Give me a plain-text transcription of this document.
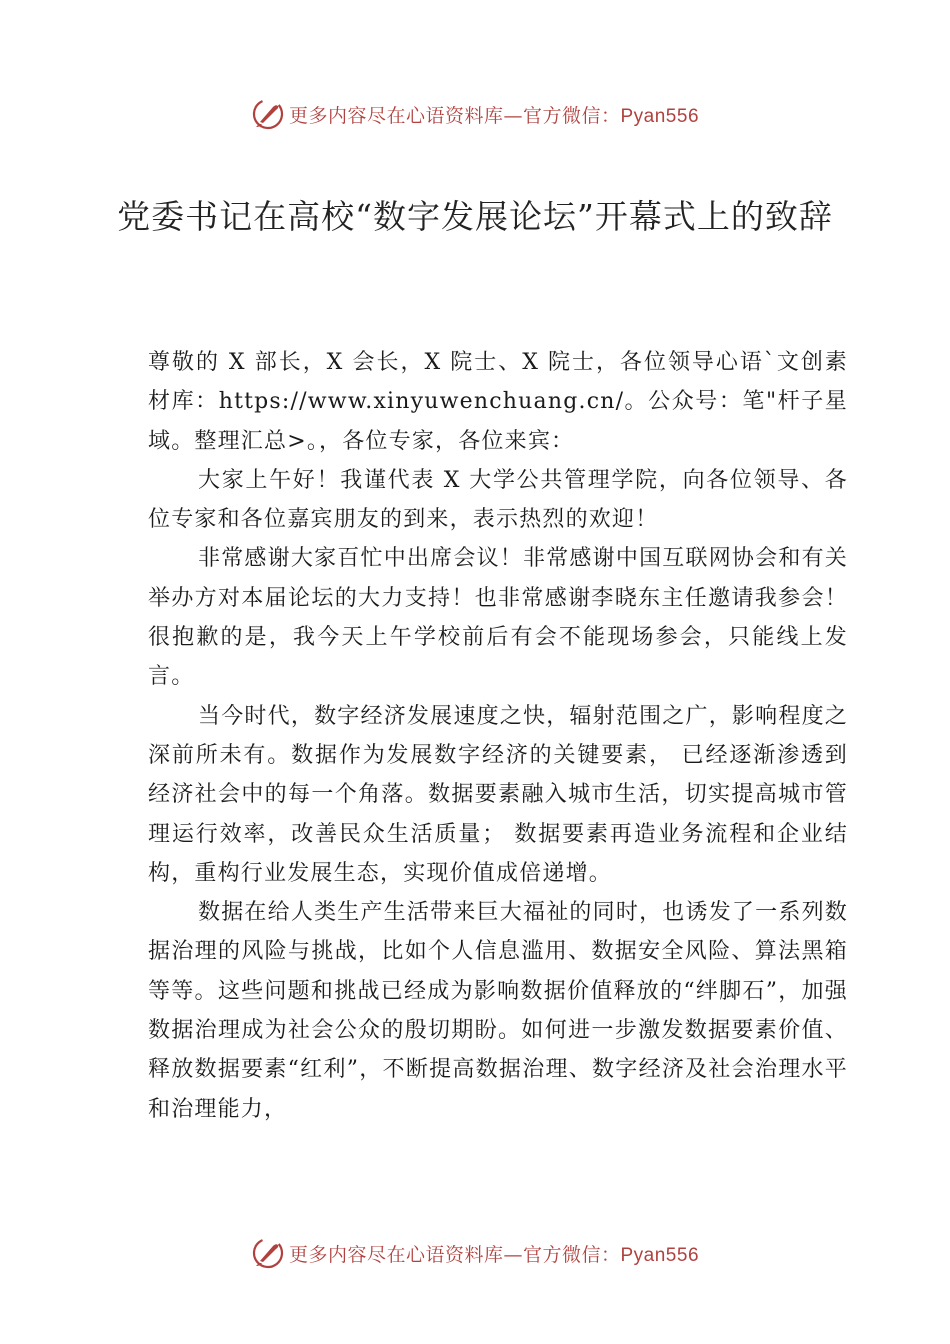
更多内容尽在心语资料库—官方微信：Pyan556
党委书记在高校“数字发展论坛”开幕式上的致辞

尊敬的 X 部长，X 会长，X 院士、X 院士，各位领导心语`文创素材库：https://www.xinyuwenchuang.cn/。公众号：笔"杆子星域。整理汇总>。，各位专家，各位来宾：

大家上午好！我谨代表 X 大学公共管理学院，向各位领导、各位专家和各位嘉宾朋友的到来，表示热烈的欢迎！

非常感谢大家百忙中出席会议！非常感谢中国互联网协会和有关举办方对本届论坛的大力支持！也非常感谢李晓东主任邀请我参会！很抱歉的是，我今天上午学校前后有会不能现场参会，只能线上发言。

当今时代，数字经济发展速度之快，辐射范围之广，影响程度之深前所未有。数据作为发展数字经济的关键要素， 已经逐渐渗透到经济社会中的每一个角落。数据要素融入城市生活，切实提高城市管理运行效率，改善民众生活质量； 数据要素再造业务流程和企业结构，重构行业发展生态，实现价值成倍递增。

数据在给人类生产生活带来巨大福祉的同时，也诱发了一系列数据治理的风险与挑战，比如个人信息滥用、数据安全风险、算法黑箱等等。这些问题和挑战已经成为影响数据价值释放的“绊脚石”，加强数据治理成为社会公众的殷切期盼。如何进一步激发数据要素价值、释放数据要素“红利”，不断提高数据治理、数字经济及社会治理水平和治理能力，

更多内容尽在心语资料库—官方微信：Pyan556
